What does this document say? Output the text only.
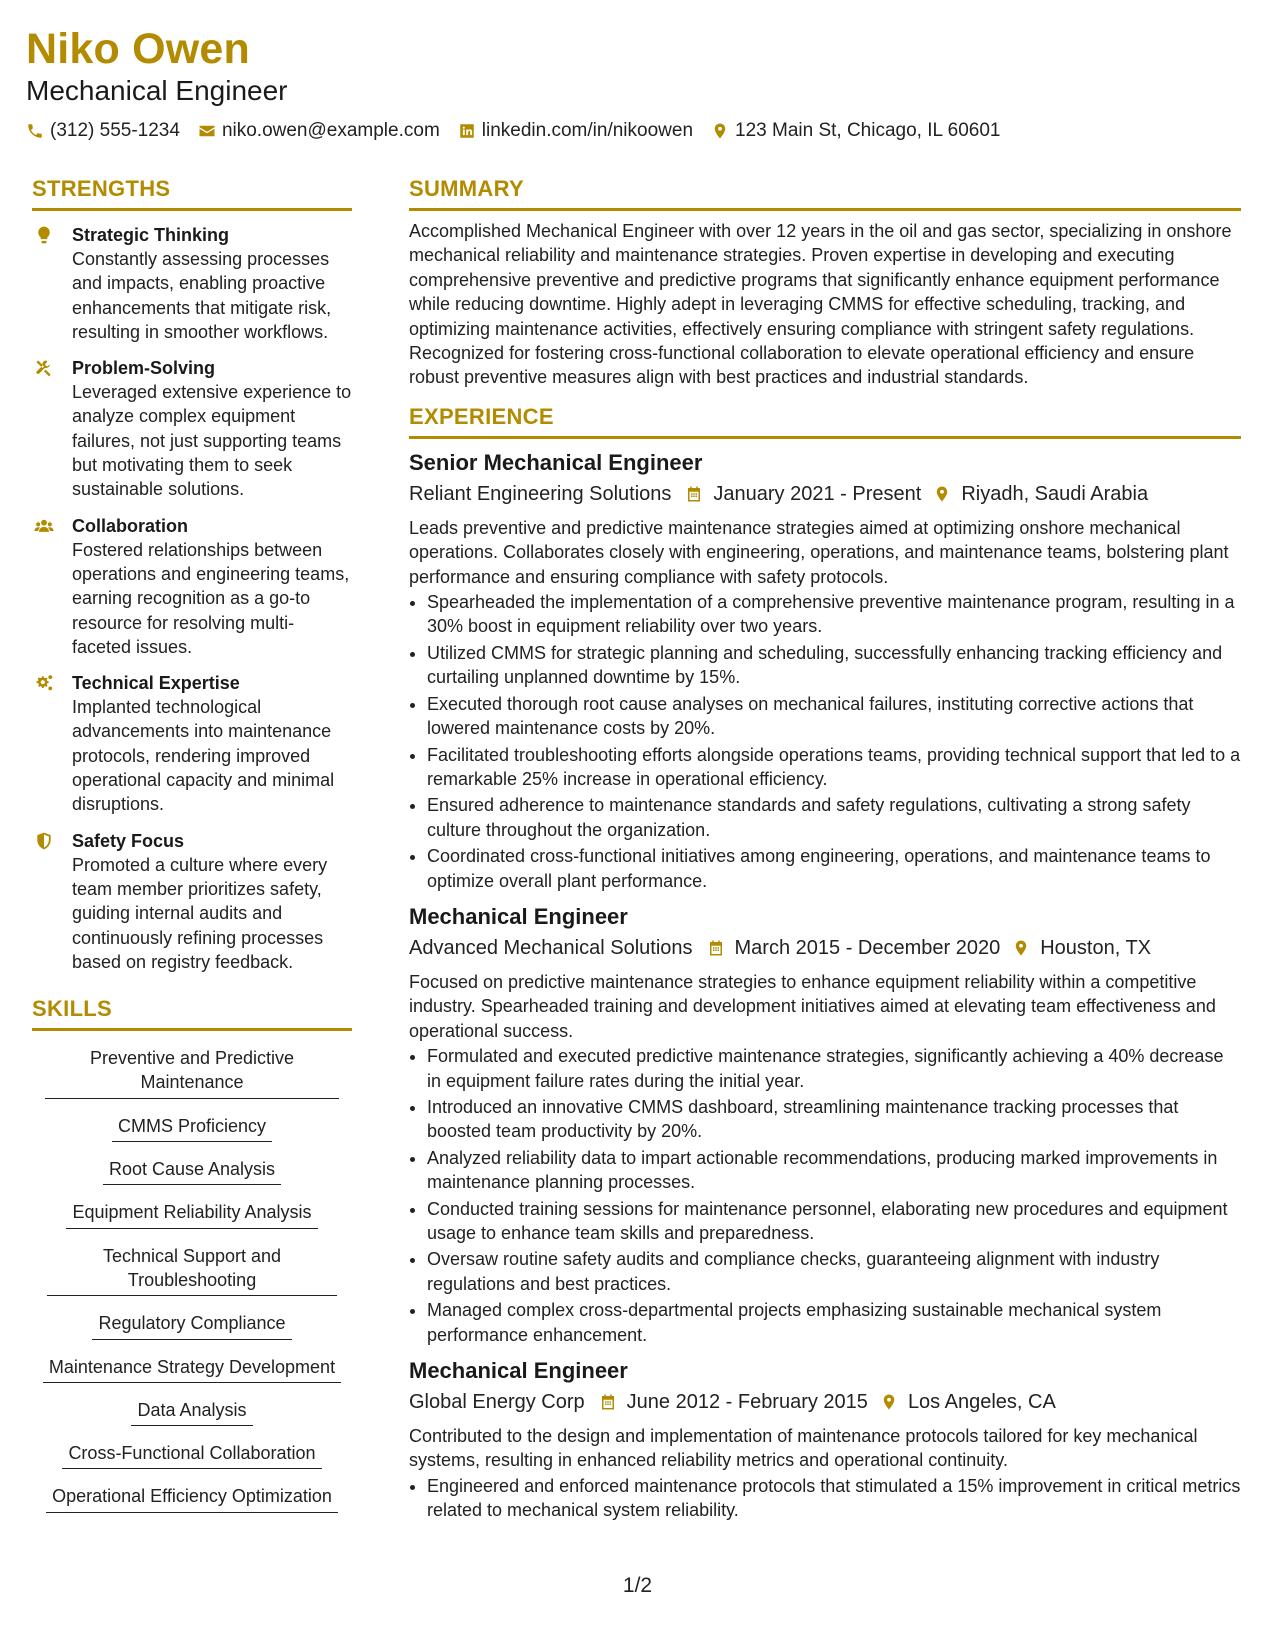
Niko Owen
Mechanical Engineer
(312) 555-1234 niko.owen@example.com linkedin.com/in/nikoowen 123 Main St, Chicago, IL 60601
STRENGTHS
Strategic Thinking
Constantly assessing processes and impacts, enabling proactive enhancements that mitigate risk, resulting in smoother workflows.
Problem-Solving
Leveraged extensive experience to analyze complex equipment failures, not just supporting teams but motivating them to seek sustainable solutions.
Collaboration
Fostered relationships between operations and engineering teams, earning recognition as a go-to resource for resolving multi-faceted issues.
Technical Expertise
Implanted technological advancements into maintenance protocols, rendering improved operational capacity and minimal disruptions.
Safety Focus
Promoted a culture where every team member prioritizes safety, guiding internal audits and continuously refining processes based on registry feedback.
SKILLS
Preventive and Predictive Maintenance
CMMS Proficiency
Root Cause Analysis
Equipment Reliability Analysis
Technical Support and Troubleshooting
Regulatory Compliance
Maintenance Strategy Development
Data Analysis
Cross-Functional Collaboration
Operational Efficiency Optimization
SUMMARY
Accomplished Mechanical Engineer with over 12 years in the oil and gas sector, specializing in onshore mechanical reliability and maintenance strategies. Proven expertise in developing and executing comprehensive preventive and predictive programs that significantly enhance equipment performance while reducing downtime. Highly adept in leveraging CMMS for effective scheduling, tracking, and optimizing maintenance activities, effectively ensuring compliance with stringent safety regulations. Recognized for fostering cross-functional collaboration to elevate operational efficiency and ensure robust preventive measures align with best practices and industrial standards.
EXPERIENCE
Senior Mechanical Engineer
Reliant Engineering Solutions January 2021 - Present Riyadh, Saudi Arabia
Leads preventive and predictive maintenance strategies aimed at optimizing onshore mechanical operations. Collaborates closely with engineering, operations, and maintenance teams, bolstering plant performance and ensuring compliance with safety protocols.
• Spearheaded the implementation of a comprehensive preventive maintenance program, resulting in a 30% boost in equipment reliability over two years.
• Utilized CMMS for strategic planning and scheduling, successfully enhancing tracking efficiency and curtailing unplanned downtime by 15%.
• Executed thorough root cause analyses on mechanical failures, instituting corrective actions that lowered maintenance costs by 20%.
• Facilitated troubleshooting efforts alongside operations teams, providing technical support that led to a remarkable 25% increase in operational efficiency.
• Ensured adherence to maintenance standards and safety regulations, cultivating a strong safety culture throughout the organization.
• Coordinated cross-functional initiatives among engineering, operations, and maintenance teams to optimize overall plant performance.
Mechanical Engineer
Advanced Mechanical Solutions March 2015 - December 2020 Houston, TX
Focused on predictive maintenance strategies to enhance equipment reliability within a competitive industry. Spearheaded training and development initiatives aimed at elevating team effectiveness and operational success.
• Formulated and executed predictive maintenance strategies, significantly achieving a 40% decrease in equipment failure rates during the initial year.
• Introduced an innovative CMMS dashboard, streamlining maintenance tracking processes that boosted team productivity by 20%.
• Analyzed reliability data to impart actionable recommendations, producing marked improvements in maintenance planning processes.
• Conducted training sessions for maintenance personnel, elaborating new procedures and equipment usage to enhance team skills and preparedness.
• Oversaw routine safety audits and compliance checks, guaranteeing alignment with industry regulations and best practices.
• Managed complex cross-departmental projects emphasizing sustainable mechanical system performance enhancement.
Mechanical Engineer
Global Energy Corp June 2012 - February 2015 Los Angeles, CA
Contributed to the design and implementation of maintenance protocols tailored for key mechanical systems, resulting in enhanced reliability metrics and operational continuity.
• Engineered and enforced maintenance protocols that stimulated a 15% improvement in critical metrics related to mechanical system reliability.
1/2
